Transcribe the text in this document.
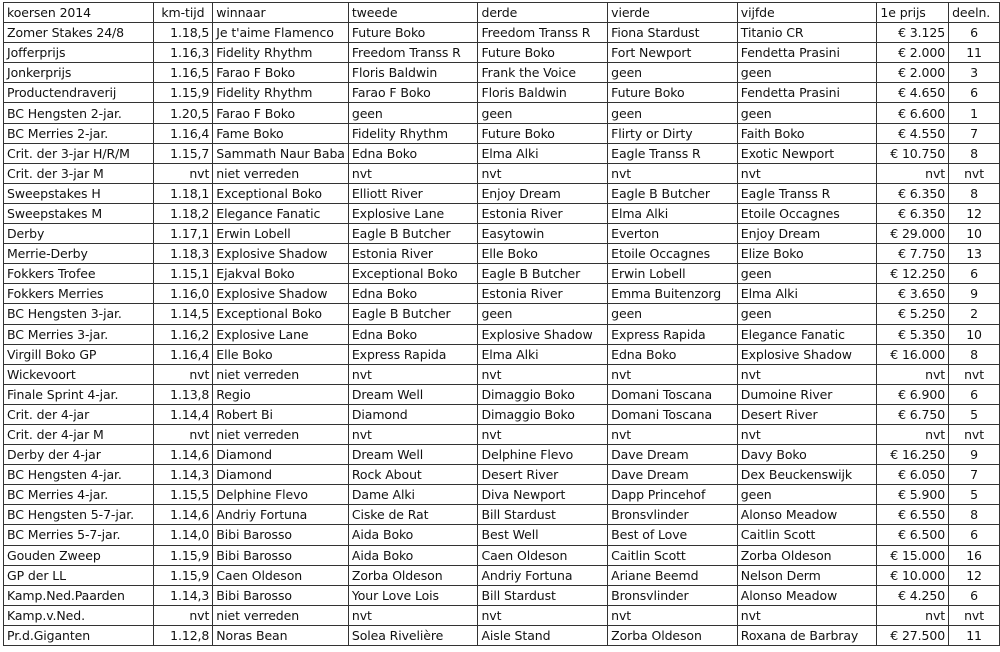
koersen 2014	km-tijd	winnaar	tweede	derde	vierde	vijfde	1e prijs	deeln.
Zomer Stakes 24/8	1.18,5	Je t'aime Flamenco	Future Boko	Freedom Transs R	Fiona Stardust	Titanio CR	€ 3.125	6
Jofferprijs	1.16,3	Fidelity Rhythm	Freedom Transs R	Future Boko	Fort Newport	Fendetta Prasini	€ 2.000	11
Jonkerprijs	1.16,5	Farao F Boko	Floris Baldwin	Frank the Voice	geen	geen	€ 2.000	3
Productendraverij	1.15,9	Fidelity Rhythm	Farao F Boko	Floris Baldwin	Future Boko	Fendetta Prasini	€ 4.650	6
BC Hengsten 2-jar.	1.20,5	Farao F Boko	geen	geen	geen	geen	€ 6.600	1
BC Merries 2-jar.	1.16,4	Fame Boko	Fidelity Rhythm	Future Boko	Flirty or Dirty	Faith Boko	€ 4.550	7
Crit. der 3-jar H/R/M	1.15,7	Sammath Naur Baba	Edna Boko	Elma Alki	Eagle Transs R	Exotic Newport	€ 10.750	8
Crit. der 3-jar M	nvt	niet verreden	nvt	nvt	nvt	nvt	nvt	nvt
Sweepstakes H	1.18,1	Exceptional Boko	Elliott River	Enjoy Dream	Eagle B Butcher	Eagle Transs R	€ 6.350	8
Sweepstakes M	1.18,2	Elegance Fanatic	Explosive Lane	Estonia River	Elma Alki	Etoile Occagnes	€ 6.350	12
Derby	1.17,1	Erwin Lobell	Eagle B Butcher	Easytowin	Everton	Enjoy Dream	€ 29.000	10
Merrie-Derby	1.18,3	Explosive Shadow	Estonia River	Elle Boko	Etoile Occagnes	Elize Boko	€ 7.750	13
Fokkers Trofee	1.15,1	Ejakval Boko	Exceptional Boko	Eagle B Butcher	Erwin Lobell	geen	€ 12.250	6
Fokkers Merries	1.16,0	Explosive Shadow	Edna Boko	Estonia River	Emma Buitenzorg	Elma Alki	€ 3.650	9
BC Hengsten 3-jar.	1.14,5	Exceptional Boko	Eagle B Butcher	geen	geen	geen	€ 5.250	2
BC Merries 3-jar.	1.16,2	Explosive Lane	Edna Boko	Explosive Shadow	Express Rapida	Elegance Fanatic	€ 5.350	10
Virgill Boko GP	1.16,4	Elle Boko	Express Rapida	Elma Alki	Edna Boko	Explosive Shadow	€ 16.000	8
Wickevoort	nvt	niet verreden	nvt	nvt	nvt	nvt	nvt	nvt
Finale Sprint 4-jar.	1.13,8	Regio	Dream Well	Dimaggio Boko	Domani Toscana	Dumoine River	€ 6.900	6
Crit. der 4-jar	1.14,4	Robert Bi	Diamond	Dimaggio Boko	Domani Toscana	Desert River	€ 6.750	5
Crit. der 4-jar M	nvt	niet verreden	nvt	nvt	nvt	nvt	nvt	nvt
Derby der 4-jar	1.14,6	Diamond	Dream Well	Delphine Flevo	Dave Dream	Davy Boko	€ 16.250	9
BC Hengsten 4-jar.	1.14,3	Diamond	Rock About	Desert River	Dave Dream	Dex Beuckenswijk	€ 6.050	7
BC Merries 4-jar.	1.15,5	Delphine Flevo	Dame Alki	Diva Newport	Dapp Princehof	geen	€ 5.900	5
BC Hengsten 5-7-jar.	1.14,6	Andriy Fortuna	Ciske de Rat	Bill Stardust	Bronsvlinder	Alonso Meadow	€ 6.550	8
BC Merries 5-7-jar.	1.14,0	Bibi Barosso	Aida Boko	Best Well	Best of Love	Caitlin Scott	€ 6.500	6
Gouden Zweep	1.15,9	Bibi Barosso	Aida Boko	Caen Oldeson	Caitlin Scott	Zorba Oldeson	€ 15.000	16
GP der LL	1.15,9	Caen Oldeson	Zorba Oldeson	Andriy Fortuna	Ariane Beemd	Nelson Derm	€ 10.000	12
Kamp.Ned.Paarden	1.14,3	Bibi Barosso	Your Love Lois	Bill Stardust	Bronsvlinder	Alonso Meadow	€ 4.250	6
Kamp.v.Ned.	nvt	niet verreden	nvt	nvt	nvt	nvt	nvt	nvt
Pr.d.Giganten	1.12,8	Noras Bean	Solea Rivelière	Aisle Stand	Zorba Oldeson	Roxana de Barbray	€ 27.500	11
